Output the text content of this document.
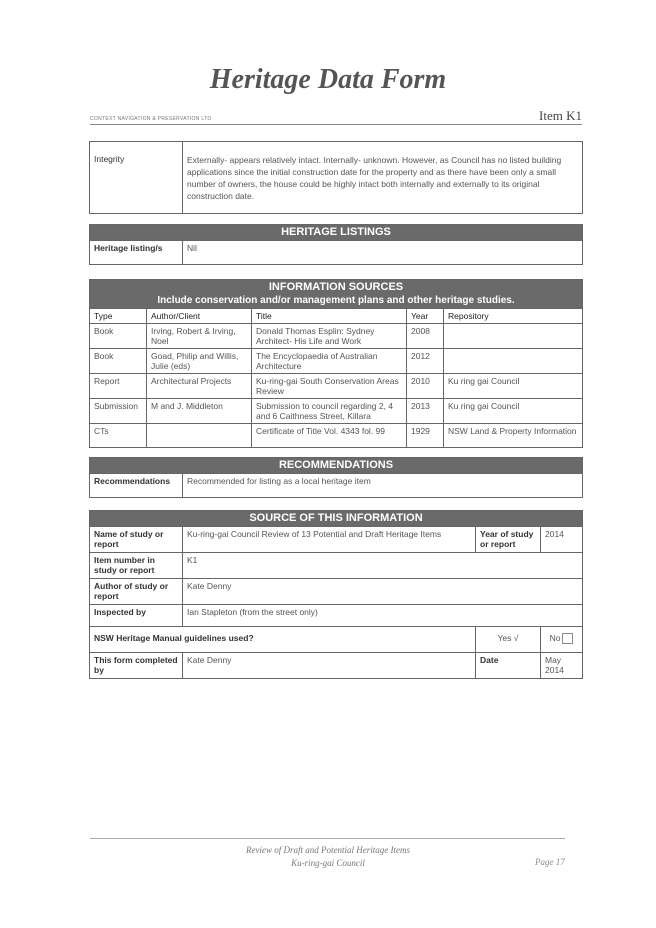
Heritage Data Form
CONTEXT NAVIGATION & PRESERVATION LTD	Item K1
Integrity	Externally- appears relatively intact. Internally- unknown. However, as Council has no listed building applications since the initial construction date for the property and as there have been only a small number of owners, the house could be highly intact both internally and externally to its original construction date.
HERITAGE LISTINGS
Heritage listing/s	Nil
INFORMATION SOURCES
Include conservation and/or management plans and other heritage studies.				

Type	Author/Client	Title	Year	Repository
Book	Irving, Robert & Irving, Noel	Donald Thomas Esplin: Sydney Architect- His Life and Work	2008	
Book	Goad, Philip and Willis, Julie (eds)	The Encyclopaedia of Australian Architecture	2012	
Report	Architectural Projects	Ku-ring-gai South Conservation Areas Review	2010	Ku ring gai Council
Submission	M and J. Middleton	Submission to council regarding 2, 4 and 6 Caithness Street, Killara	2013	Ku ring gai Council
CTs		Certificate of Title Vol. 4343 fol. 99	1929	NSW Land & Property Information
RECOMMENDATIONS
Recommendations	Recommended for listing as a local heritage item
SOURCE OF THIS INFORMATION			
Name of study or report	Ku-ring-gai Council Review of 13 Potential and Draft Heritage Items	Year of study or report	2014
Item number in study or report	K1		
Author of study or report	Kate Denny		
Inspected by	Ian Stapleton (from the street only)		
NSW Heritage Manual guidelines used?		Yes √	No
This form completed by	Kate Denny	Date	May 2014
Review of Draft and Potential Heritage Items
Ku-ring-gai Council	Page 17
